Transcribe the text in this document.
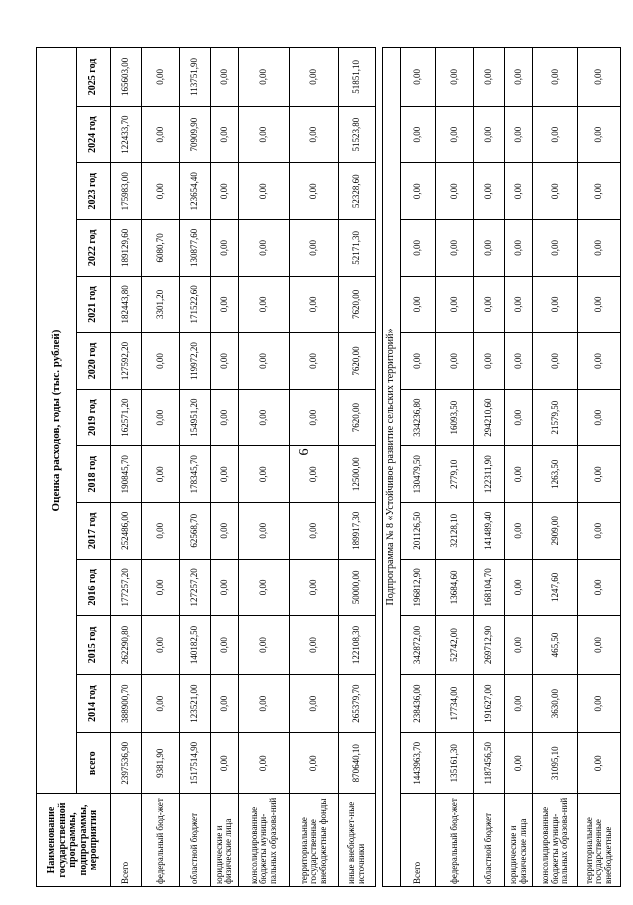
6
Наименование государственной программы, подпрограммы, мероприятия	Оценка расходов, годы (тыс. рублей)												
	всего	2014 год	2015 год	2016 год	2017 год	2018 год	2019 год	2020 год	2021 год	2022 год	2023 год	2024 год	2025 год
Всего	2397536,90	388900,70	262290,80	177257,20	252486,00	190845,70	162571,20	127592,20	182443,80	189129,60	175983,00	122433,70	165603,00
федеральный бюд-жет	9381,90	0,00	0,00	0,00	0,00	0,00	0,00	0,00	3301,20	6080,70	0,00	0,00	0,00
областной бюджет	1517514,90	123521,00	140182,50	127257,20	62568,70	178345,70	154951,20	119972,20	171522,60	130877,60	123654,40	70909,90	113751,90
юридические и физические лица	0,00	0,00	0,00	0,00	0,00	0,00	0,00	0,00	0,00	0,00	0,00	0,00	0,00
консолидированные бюджеты муници-пальных образова-ний	0,00	0,00	0,00	0,00	0,00	0,00	0,00	0,00	0,00	0,00	0,00	0,00	0,00
территориальные государственные внебюджетные фонды	0,00	0,00	0,00	0,00	0,00	0,00	0,00	0,00	0,00	0,00	0,00	0,00	0,00
иные внебюджет-ные источники	870640,10	265379,70	122108,30	50000,00	189917,30	12500,00	7620,00	7620,00	7620,00	52171,30	52328,60	51523,80	51851,10

Подпрограмма № 8 «Устойчивое развитие сельских территорий»													
Всего	1443963,70	238436,00	342872,00	196812,90	201126,50	130479,50	334236,80	0,00	0,00	0,00	0,00	0,00	0,00
федеральный бюд-жет	135161,30	17734,00	52742,00	13684,60	32128,10	2779,10	16093,50	0,00	0,00	0,00	0,00	0,00	0,00
областной бюджет	1187456,50	191627,00	269712,90	168104,70	141489,40	122311,90	294210,60	0,00	0,00	0,00	0,00	0,00	0,00
юридические и физические лица	0,00	0,00	0,00	0,00	0,00	0,00	0,00	0,00	0,00	0,00	0,00	0,00	0,00
консолидированные бюджеты муници-пальных образова-ний	31095,10	3630,00	465,50	1247,60	2909,00	1263,50	21579,50	0,00	0,00	0,00	0,00	0,00	0,00
территориальные государственные внебюджетные	0,00	0,00	0,00	0,00	0,00	0,00	0,00	0,00	0,00	0,00	0,00	0,00	0,00
